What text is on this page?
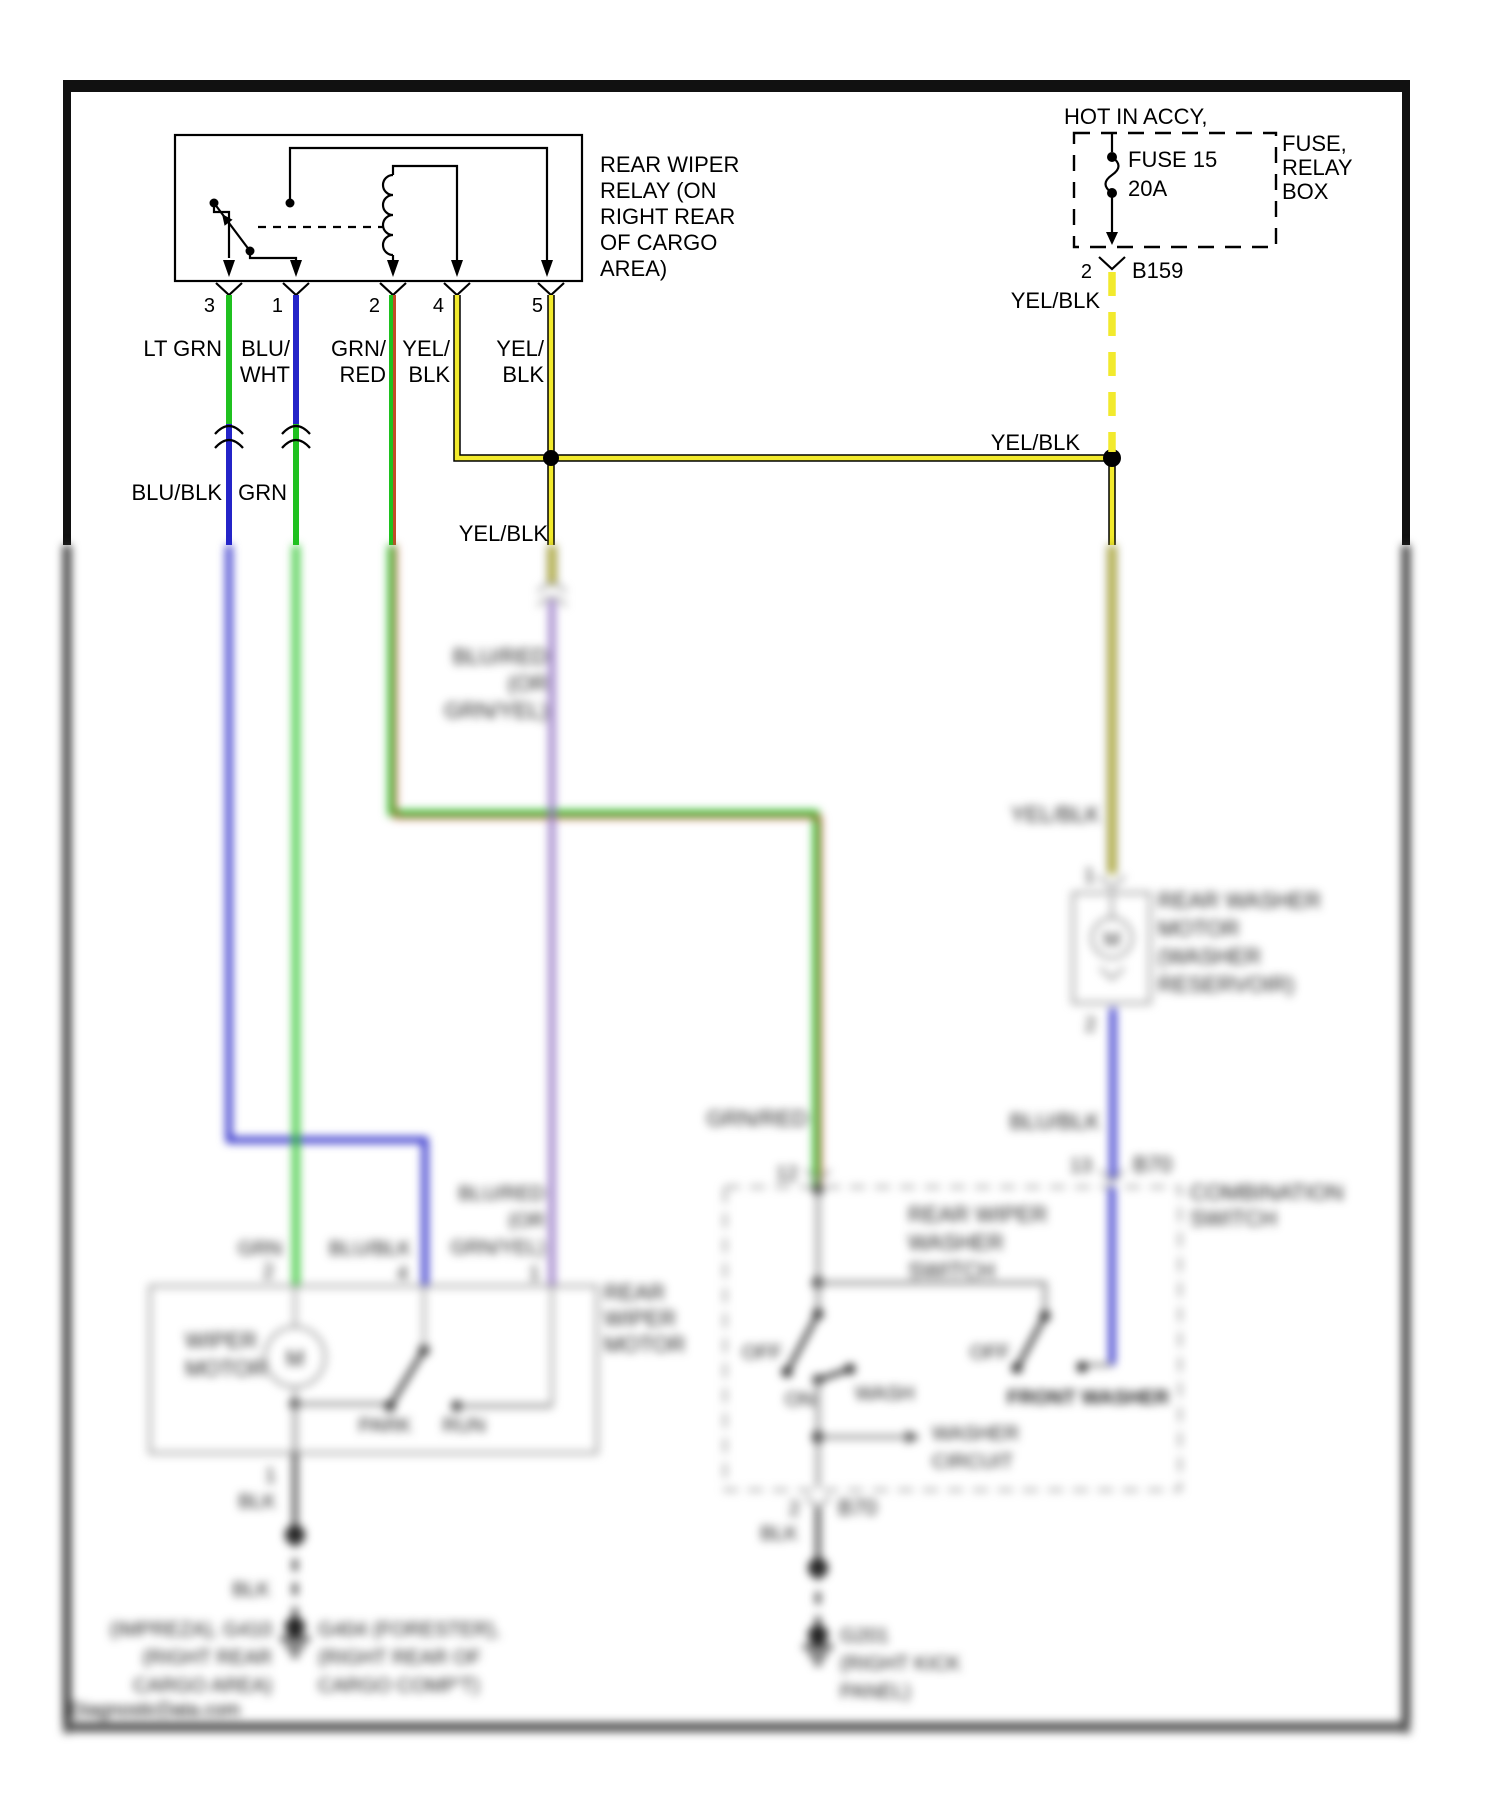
REAR WIPER
RELAY (ON
RIGHT REAR
OF CARGO
AREA)
3	1	2	4	5
LT GRN BLU/
WHT
GRN/
RED
YEL/
BLK
YEL/
BLK
BLU/BLK GRN
YEL/BLK
YEL/BLK
HOT IN ACCY,
FUSE 15
20A
FUSE,
RELAY
BOX
2 B159
YEL/BLK
BLU/RED
(OR
GRN/YEL)
YEL/BLK
1
M
REAR WASHER
MOTOR
(WASHER
RESERVOIR)
2
BLU/BLK
13 B70
GRN/RED
12
COMBINATION
SWITCH
REAR WIPER
WASHER
SWITCH
OFF
ON WASH
OFF
FRONT WASHER
WASHER
CIRCUIT
2 B70
BLK
G201
(RIGHT KICK
PANEL)
GRN BLU/BLK
BLU/RED
(OR
GRN/YEL)
2	4	1
M
WIPER
MOTOR
PARK RUN
REAR
WIPER
MOTOR
1
BLK
BLK
(IMPREZA), G410
(RIGHT REAR
CARGO AREA)
G404 (FORESTER),
(RIGHT REAR OF
CARGO COMP'T)
DiagnosticData.com
